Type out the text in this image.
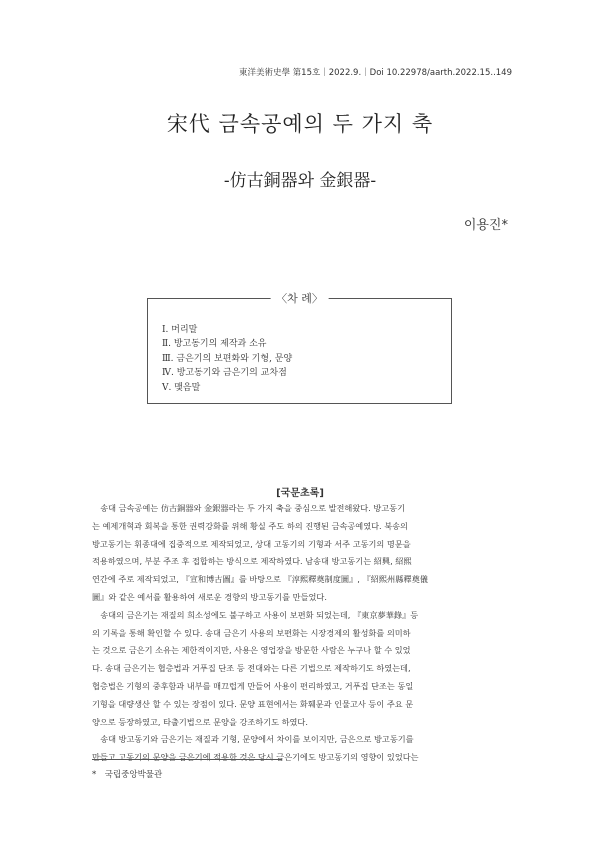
東洋美術史學 第15호｜2022.9.｜Doi 10.22978/aarth.2022.15..149
宋代 금속공예의 두 가지 축
-仿古銅器와 金銀器-
이용진*
〈차 례〉
Ⅰ. 머리말
Ⅱ. 방고동기의 제작과 소유
Ⅲ. 금은기의 보편화와 기형, 문양
Ⅳ. 방고동기와 금은기의 교차점
Ⅴ. 맺음말
[국문초록]
　송대 금속공예는 仿古銅器와 金銀器라는 두 가지 축을 중심으로 발전해왔다. 방고동기
는 예제개혁과 회복을 통한 권력강화를 위해 황실 주도 하의 진행된 금속공예였다. 북송의
방고동기는 휘종대에 집중적으로 제작되었고, 상대 고동기의 기형과 서주 고동기의 명문을
적용하였으며, 부분 주조 후 접합하는 방식으로 제작하였다. 남송대 방고동기는 紹興, 紹熙
연간에 주로 제작되었고, 『宣和博古圖』를 바탕으로 『淳熙釋奠制度圖』, 『紹熙州縣釋奠儀
圖』와 같은 예서를 활용하여 새로운 경향의 방고동기를 만들었다.
　송대의 금은기는 재질의 희소성에도 불구하고 사용이 보편화 되었는데, 『東京夢華錄』등
의 기록을 통해 확인할 수 있다. 송대 금은기 사용의 보편화는 시장경제의 활성화를 의미하
는 것으로 금은기 소유는 제한적이지만, 사용은 영업장을 방문한 사람은 누구나 할 수 있었
다. 송대 금은기는 협층법과 거푸집 단조 등 전대와는 다른 기법으로 제작하기도 하였는데,
협층법은 기형의 중후함과 내부를 매끄럽게 만들어 사용이 편리하였고, 거푸집 단조는 동일
기형을 대량생산 할 수 있는 장점이 있다. 문양 표현에서는 화훼문과 인물고사 등이 주요 문
양으로 등장하였고, 타출기법으로 문양을 강조하기도 하였다.
　송대 방고동기와 금은기는 재질과 기형, 문양에서 차이를 보이지만, 금은으로 방고동기를
만들고 고동기의 문양을 금은기에 적용한 것은 당시 금은기에도 방고동기의 영향이 있었다는
*　국립중앙박물관
